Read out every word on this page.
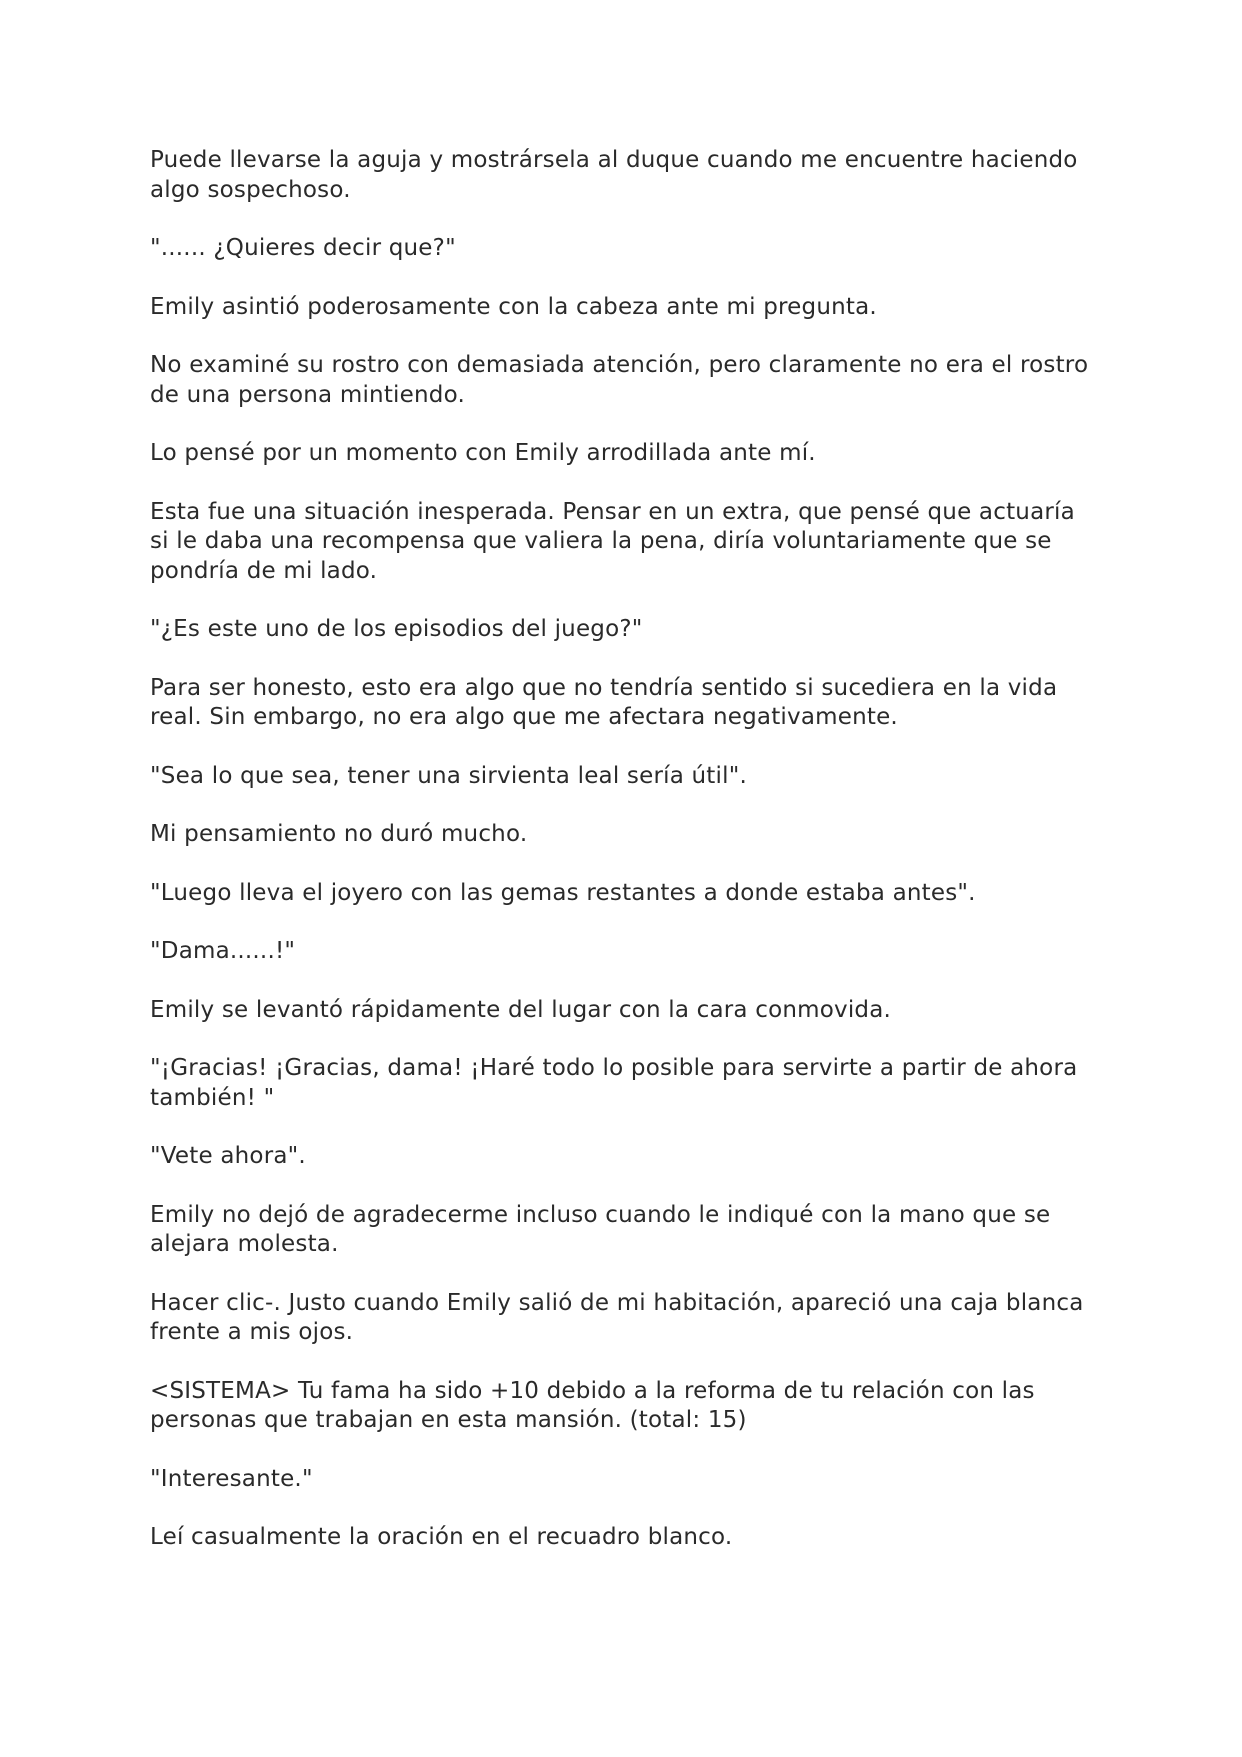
Puede llevarse la aguja y mostrársela al duque cuando me encuentre haciendo algo sospechoso.

"...... ¿Quieres decir que?"

Emily asintió poderosamente con la cabeza ante mi pregunta.

No examiné su rostro con demasiada atención, pero claramente no era el rostro de una persona mintiendo.

Lo pensé por un momento con Emily arrodillada ante mí.

Esta fue una situación inesperada. Pensar en un extra, que pensé que actuaría si le daba una recompensa que valiera la pena, diría voluntariamente que se pondría de mi lado.

"¿Es este uno de los episodios del juego?"

Para ser honesto, esto era algo que no tendría sentido si sucediera en la vida real. Sin embargo, no era algo que me afectara negativamente.

"Sea lo que sea, tener una sirvienta leal sería útil".

Mi pensamiento no duró mucho.

"Luego lleva el joyero con las gemas restantes a donde estaba antes".

"Dama......!"

Emily se levantó rápidamente del lugar con la cara conmovida.

"¡Gracias! ¡Gracias, dama! ¡Haré todo lo posible para servirte a partir de ahora también! "

"Vete ahora".

Emily no dejó de agradecerme incluso cuando le indiqué con la mano que se alejara molesta.

Hacer clic-. Justo cuando Emily salió de mi habitación, apareció una caja blanca frente a mis ojos.

<SISTEMA> Tu fama ha sido +10 debido a la reforma de tu relación con las personas que trabajan en esta mansión. (total: 15)

"Interesante."

Leí casualmente la oración en el recuadro blanco.
